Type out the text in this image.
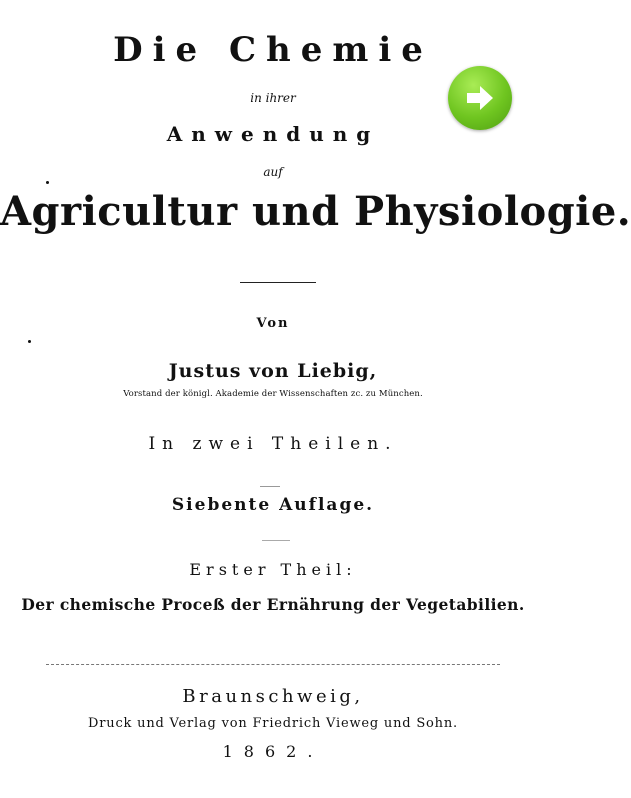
Die Chemie
in ihrer
Anwendung
auf
Agricultur und Physiologie.
Von
Justus von Liebig,
Vorstand der königl. Akademie der Wissenschaften zc. zu München.
In zwei Theilen.
Siebente Auflage.
Erster Theil:
Der chemische Proceß der Ernährung der Vegetabilien.
Braunschweig,
Druck und Verlag von Friedrich Vieweg und Sohn.
1862.
